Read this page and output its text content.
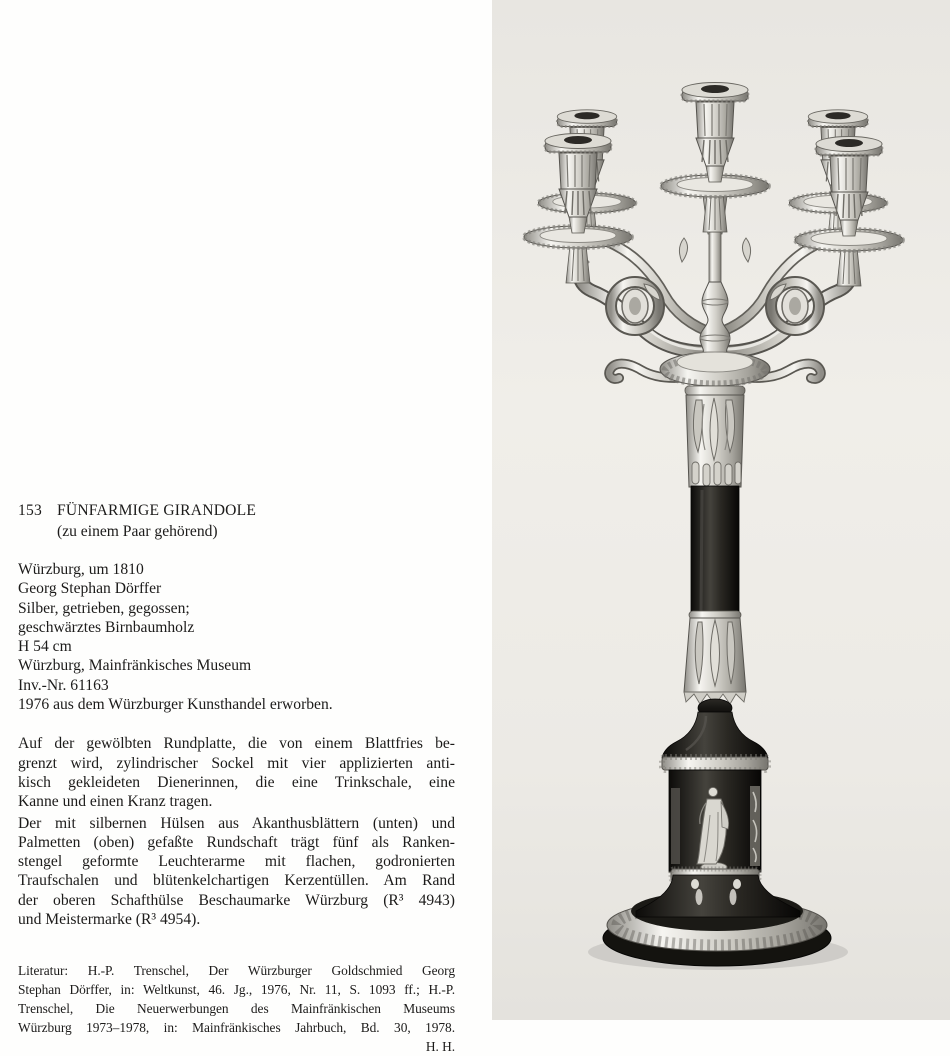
153 FÜNFARMIGE GIRANDOLE
(zu einem Paar gehörend)
Würzburg, um 1810
Georg Stephan Dörffer
Silber, getrieben, gegossen;
geschwärztes Birnbaumholz
H 54 cm
Würzburg, Mainfränkisches Museum
Inv.-Nr. 61163
1976 aus dem Würzburger Kunsthandel erworben.
Auf der gewölbten Rundplatte, die von einem Blattfries be-
grenzt wird, zylindrischer Sockel mit vier applizierten anti-
kisch gekleideten Dienerinnen, die eine Trinkschale, eine
Kanne und einen Kranz tragen.
Der mit silbernen Hülsen aus Akanthusblättern (unten) und
Palmetten (oben) gefaßte Rundschaft trägt fünf als Ranken-
stengel geformte Leuchterarme mit flachen, godronierten
Traufschalen und blütenkelchartigen Kerzentüllen. Am Rand
der oberen Schafthülse Beschaumarke Würzburg (R³ 4943)
und Meistermarke (R³ 4954).
Literatur: H.-P. Trenschel, Der Würzburger Goldschmied Georg
Stephan Dörffer, in: Weltkunst, 46. Jg., 1976, Nr. 11, S. 1093 ff.; H.-P.
Trenschel, Die Neuerwerbungen des Mainfränkischen Museums
Würzburg 1973–1978, in: Mainfränkisches Jahrbuch, Bd. 30, 1978.
H. H.
